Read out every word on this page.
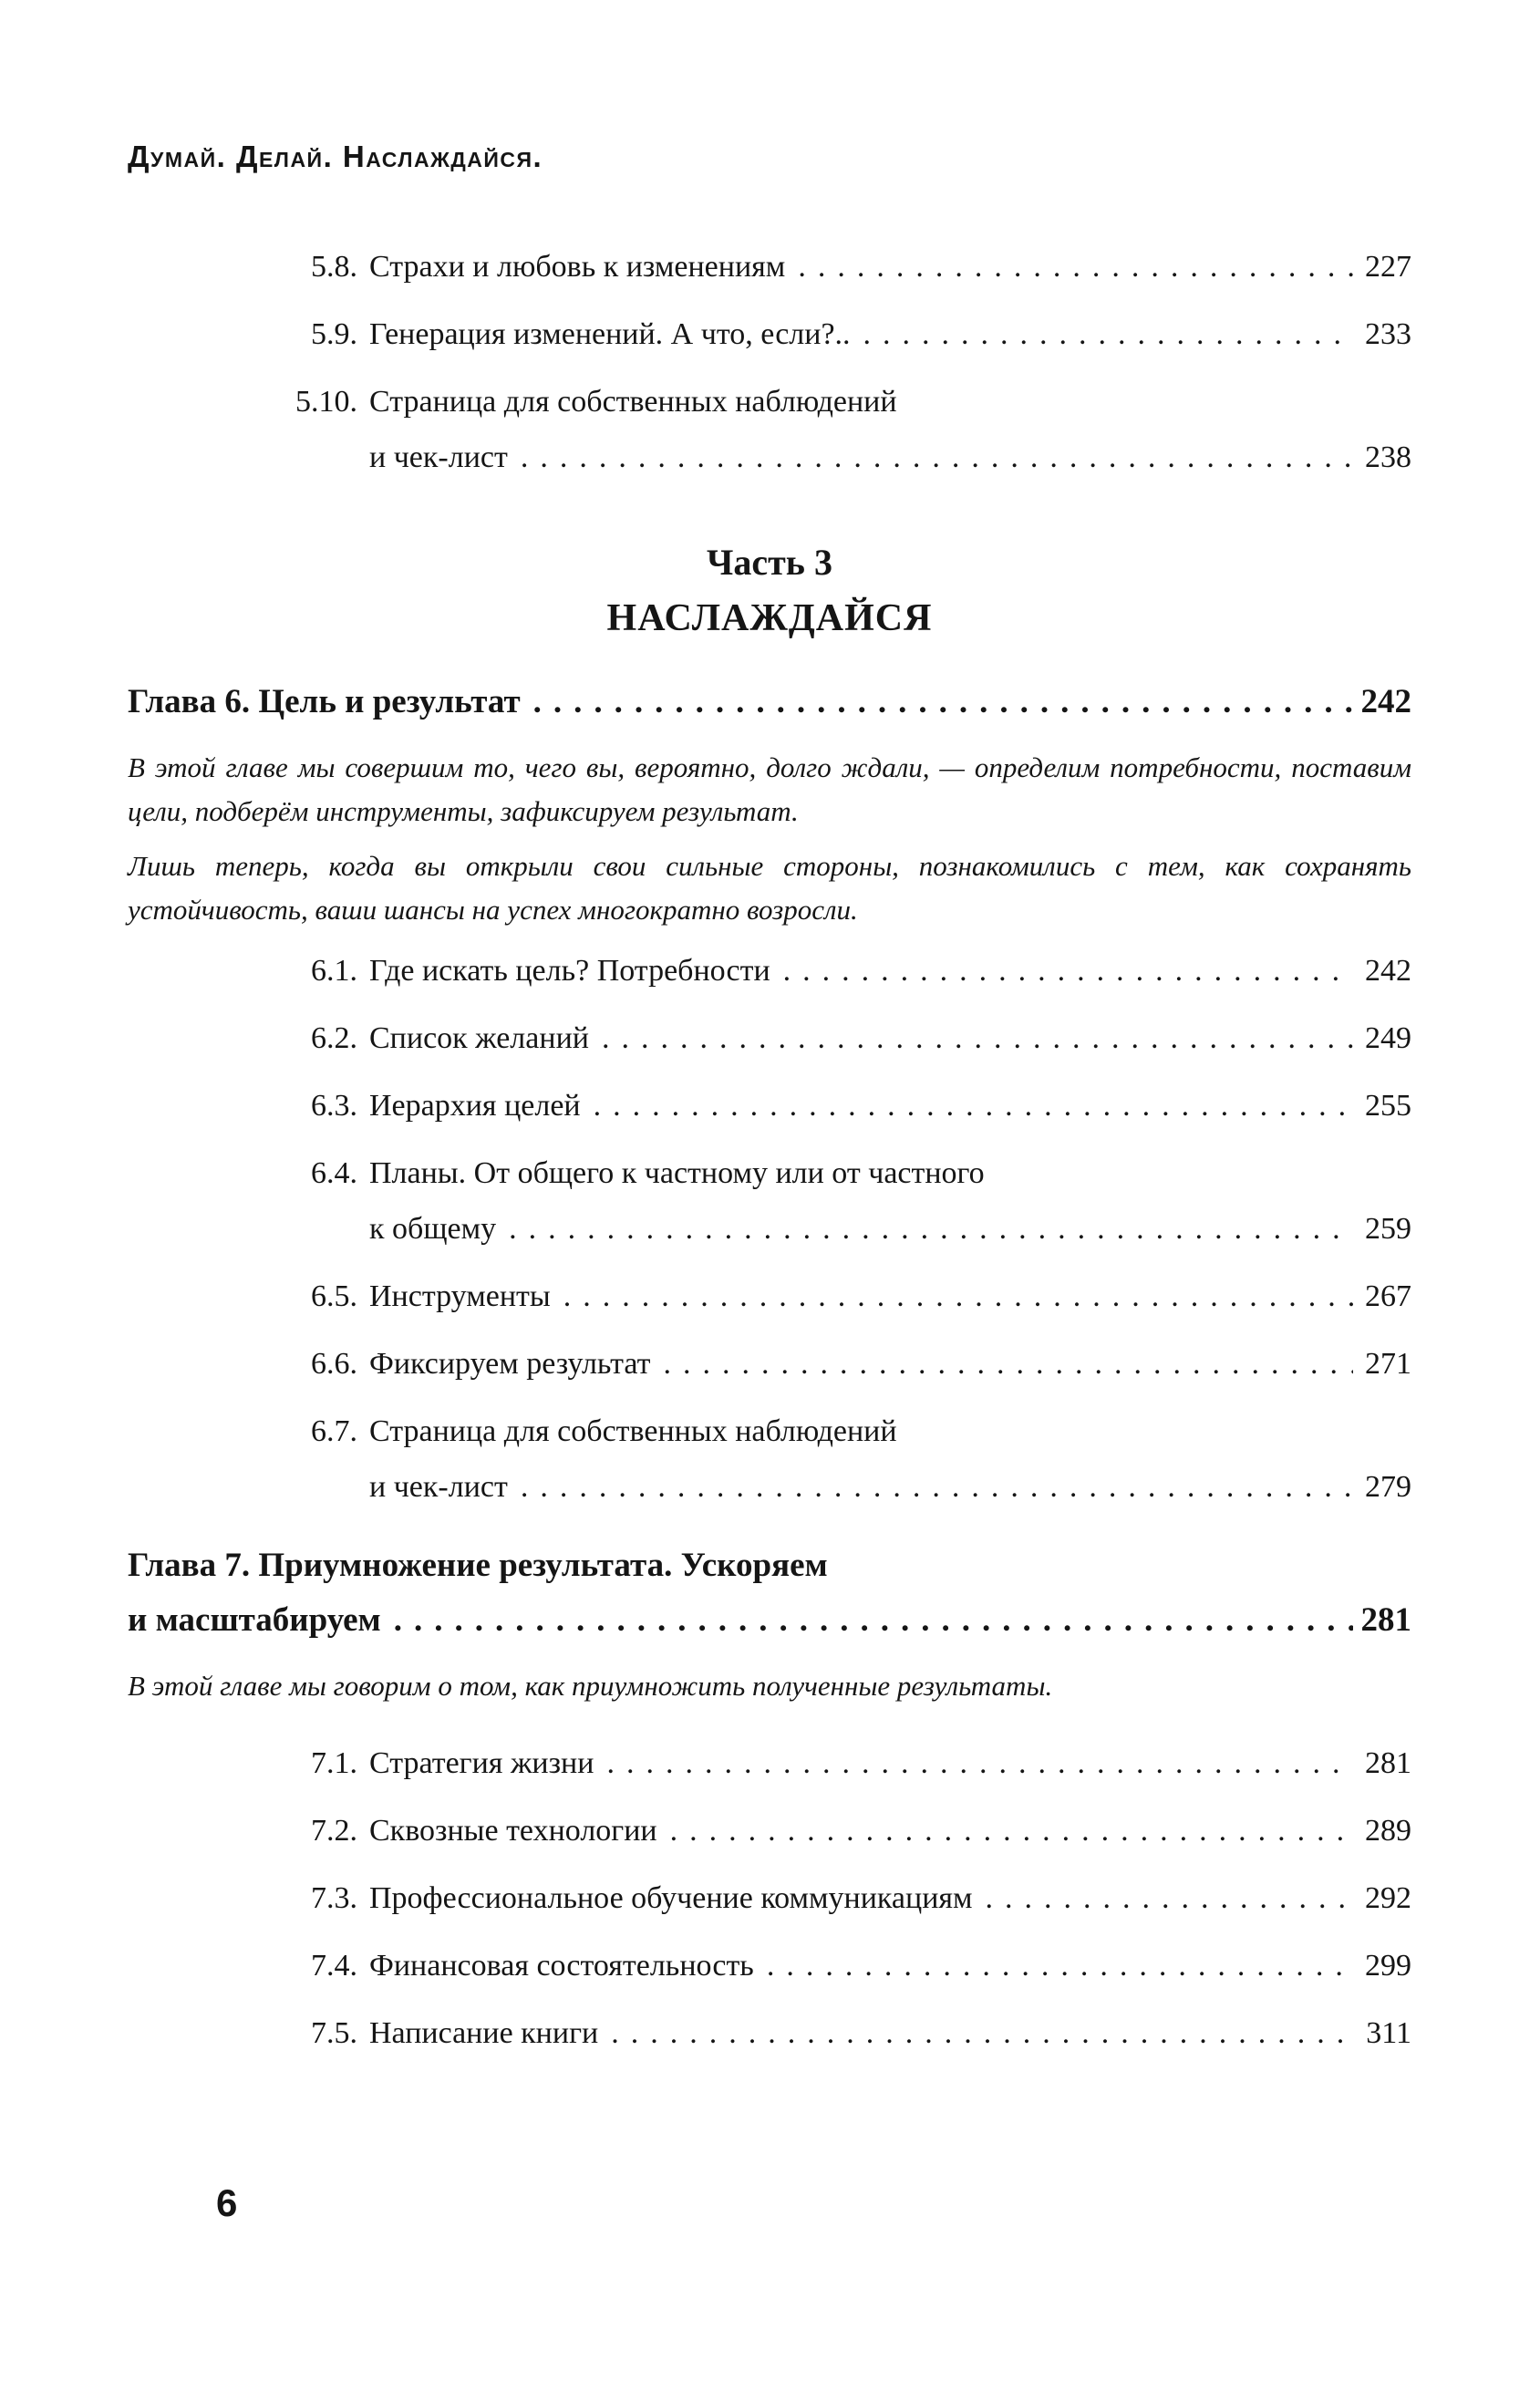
Думай. Делай. Наслаждайся.
5.8. Страхи и любовь к изменениям .....	227
5.9. Генерация изменений. А что, если?.. .....	233
5.10. Страница для собственных наблюдений
и чек-лист .....	238
Часть 3
НАСЛАЖДАЙСЯ
Глава 6. Цель и результат .....	242

В этой главе мы совершим то, чего вы, вероятно, долго ждали, — определим потребности, поставим цели, подберём инструменты, зафиксируем результат.

Лишь теперь, когда вы открыли свои сильные стороны, познакомились с тем, как сохранять устойчивость, ваши шансы на успех многократно возросли.

6.1. Где искать цель? Потребности .....	242
6.2. Список желаний .....	249
6.3. Иерархия целей .....	255
6.4. Планы. От общего к частному или от частного
к общему .....	259
6.5. Инструменты .....	267
6.6. Фиксируем результат .....	271
6.7. Страница для собственных наблюдений
и чек-лист .....	279
Глава 7. Приумножение результата. Ускоряем
и масштабируем .....	281

В этой главе мы говорим о том, как приумножить полученные результаты.

7.1. Стратегия жизни .....	281
7.2. Сквозные технологии .....	289
7.3. Профессиональное обучение коммуникациям .....	292
7.4. Финансовая состоятельность .....	299
7.5. Написание книги .....	311
6
